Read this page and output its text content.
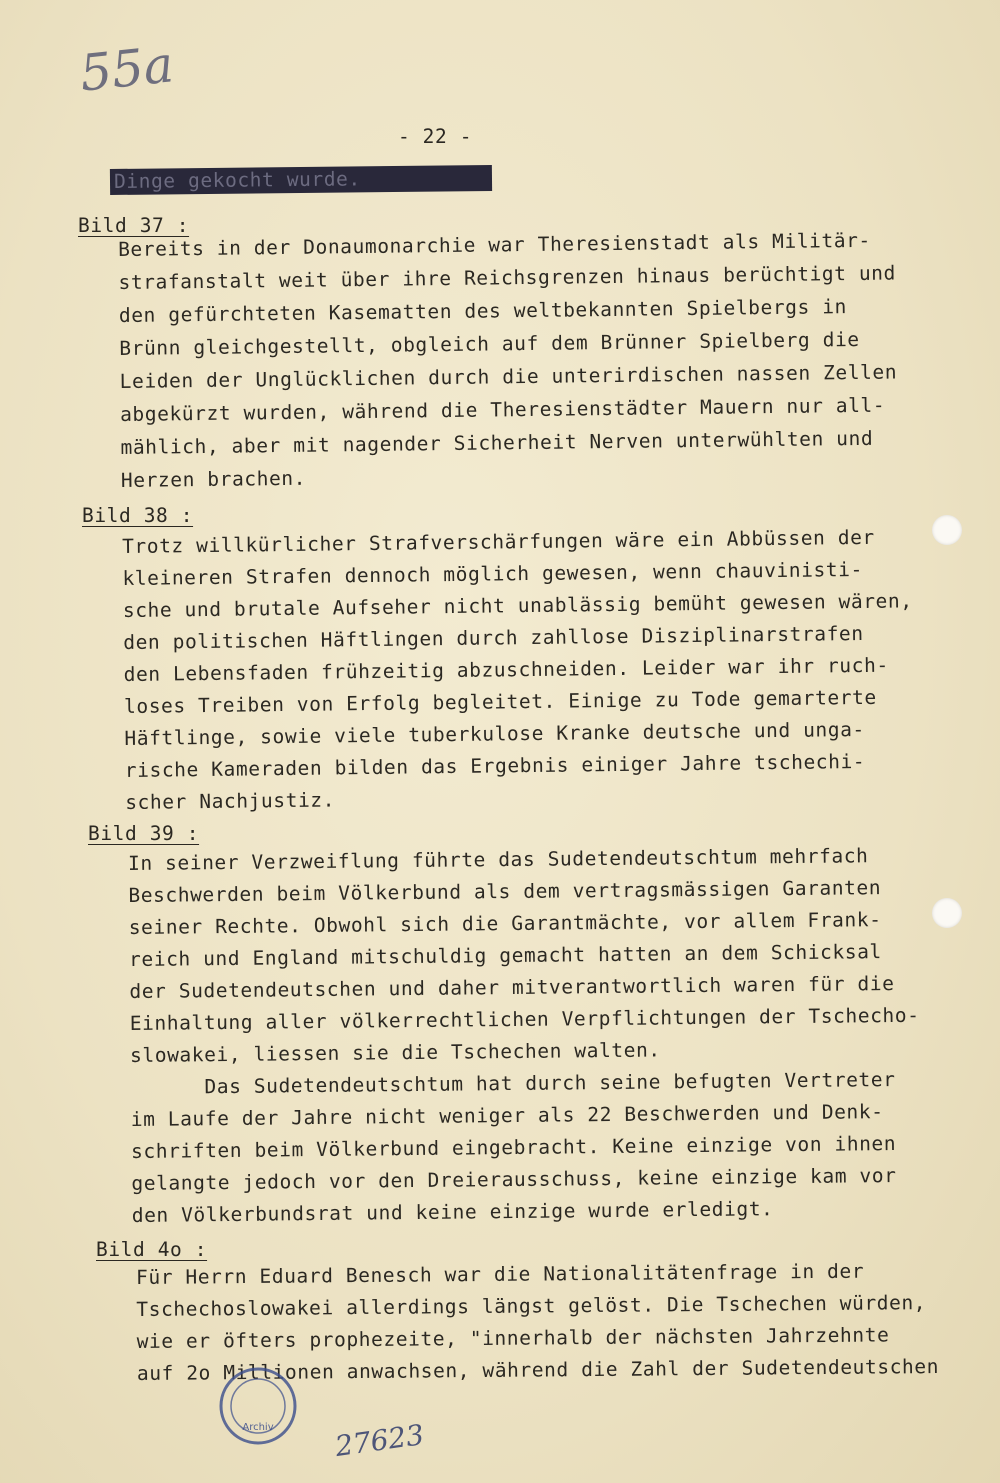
55a
- 22 -
Dinge gekocht wurde.
Bild 37 :

Bereits in der Donaumonarchie war Theresienstadt als Militär-

strafanstalt weit über ihre Reichsgrenzen hinaus berüchtigt und

den gefürchteten Kasematten des weltbekannten Spielbergs in

Brünn gleichgestellt, obgleich auf dem Brünner Spielberg die

Leiden der Unglücklichen durch die unterirdischen nassen Zellen

abgekürzt wurden, während die Theresienstädter Mauern nur all-

mählich, aber mit nagender Sicherheit Nerven unterwühlten und

Herzen brachen.

Bild 38 :

Trotz willkürlicher Strafverschärfungen wäre ein Abbüssen der

kleineren Strafen dennoch möglich gewesen, wenn chauvinisti-

sche und brutale Aufseher nicht unablässig bemüht gewesen wären,

den politischen Häftlingen durch zahllose Disziplinarstrafen

den Lebensfaden frühzeitig abzuschneiden. Leider war ihr ruch-

loses Treiben von Erfolg begleitet. Einige zu Tode gemarterte

Häftlinge, sowie viele tuberkulose Kranke deutsche und unga-

rische Kameraden bilden das Ergebnis einiger Jahre tschechi-

scher Nachjustiz.

Bild 39 :

In seiner Verzweiflung führte das Sudetendeutschtum mehrfach

Beschwerden beim Völkerbund als dem vertragsmässigen Garanten

seiner Rechte. Obwohl sich die Garantmächte, vor allem Frank-

reich und England mitschuldig gemacht hatten an dem Schicksal

der Sudetendeutschen und daher mitverantwortlich waren für die

Einhaltung aller völkerrechtlichen Verpflichtungen der Tschecho-

slowakei, liessen sie die Tschechen walten.

Das Sudetendeutschtum hat durch seine befugten Vertreter

im Laufe der Jahre nicht weniger als 22 Beschwerden und Denk-

schriften beim Völkerbund eingebracht. Keine einzige von ihnen

gelangte jedoch vor den Dreierausschuss, keine einzige kam vor

den Völkerbundsrat und keine einzige wurde erledigt.

Bild 4o :

Für Herrn Eduard Benesch war die Nationalitätenfrage in der

Tschechoslowakei allerdings längst gelöst. Die Tschechen würden,

wie er öfters prophezeite, "innerhalb der nächsten Jahrzehnte

auf 2o Millionen anwachsen, während die Zahl der Sudetendeutschen

Archiv 27623
